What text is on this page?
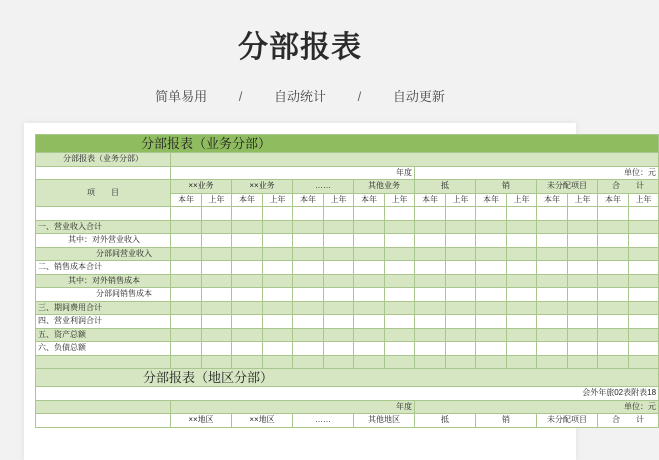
分部报表
简单易用 / 自动统计 / 自动更新
分部报表（业务分部）																
分部报表（业务分部）																
	年度								单位：元							
项　　目	××业务		××业务		……		其他业务		抵		销		未分配项目		合　　计	
	本年	上年	本年	上年	本年	上年	本年	上年	本年	上年	本年	上年	本年	上年	本年	上年

一、营业收入合计																
其中：对外营业收入																
分部间营业收入																
二、销售成本合计																
其中：对外销售成本																
分部间销售成本																
三、期间费用合计																
四、营业利润合计																
五、资产总额																
六、负债总额																

分部报表（地区分部）																
会外年旅02表附表18																
	年度								单位：元							
	××地区		××地区		……		其他地区		抵		销		未分配项目		合　　计	
